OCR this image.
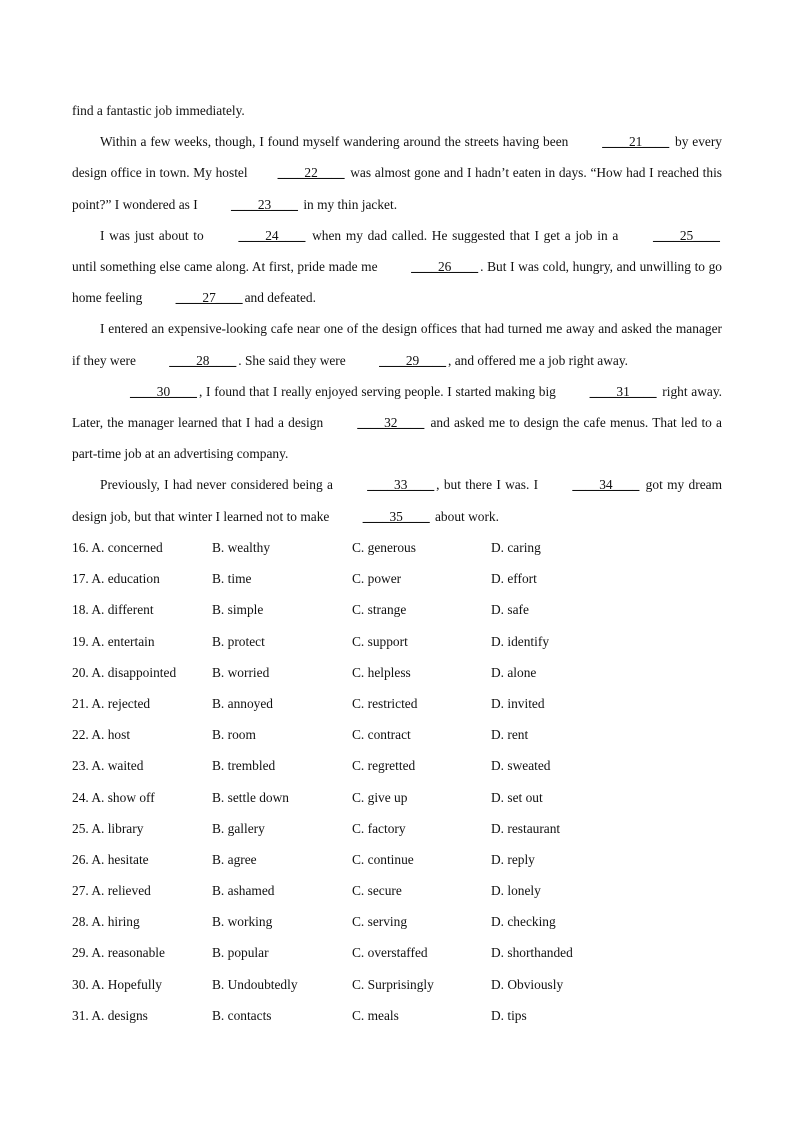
find a fantastic job immediately.

Within a few weeks, though, I found myself wandering around the streets having been ____21____ by every design office in town. My hostel ____22____ was almost gone and I hadn’t eaten in days. “How had I reached this point?” I wondered as I ____23____ in my thin jacket.

I was just about to ____24____ when my dad called. He suggested that I get a job in a ____25____ until something else came along. At first, pride made me ____26____ . But I was cold, hungry, and unwilling to go home feeling ____27____ and defeated.

I entered an expensive-looking cafe near one of the design offices that had turned me away and asked the manager if they were ____28____ . She said they were ____29____ , and offered me a job right away.

____30____ , I found that I really enjoyed serving people. I started making big ____31____ right away. Later, the manager learned that I had a design ____32____ and asked me to design the cafe menus. That led to a part-time job at an advertising company.

Previously, I had never considered being a ____33____ , but there I was. I ____34____ got my dream design job, but that winter I learned not to make ____35____ about work.

16. A. concerned	B. wealthy	C. generous	D. caring
17. A. education	B. time	C. power	D. effort
18. A. different	B. simple	C. strange	D. safe
19. A. entertain	B. protect	C. support	D. identify
20. A. disappointed	B. worried	C. helpless	D. alone
21. A. rejected	B. annoyed	C. restricted	D. invited
22. A. host	B. room	C. contract	D. rent
23. A. waited	B. trembled	C. regretted	D. sweated
24. A. show off	B. settle down	C. give up	D. set out
25. A. library	B. gallery	C. factory	D. restaurant
26. A. hesitate	B. agree	C. continue	D. reply
27. A. relieved	B. ashamed	C. secure	D. lonely
28. A. hiring	B. working	C. serving	D. checking
29. A. reasonable	B. popular	C. overstaffed	D. shorthanded
30. A. Hopefully	B. Undoubtedly	C. Surprisingly	D. Obviously
31. A. designs	B. contacts	C. meals	D. tips
